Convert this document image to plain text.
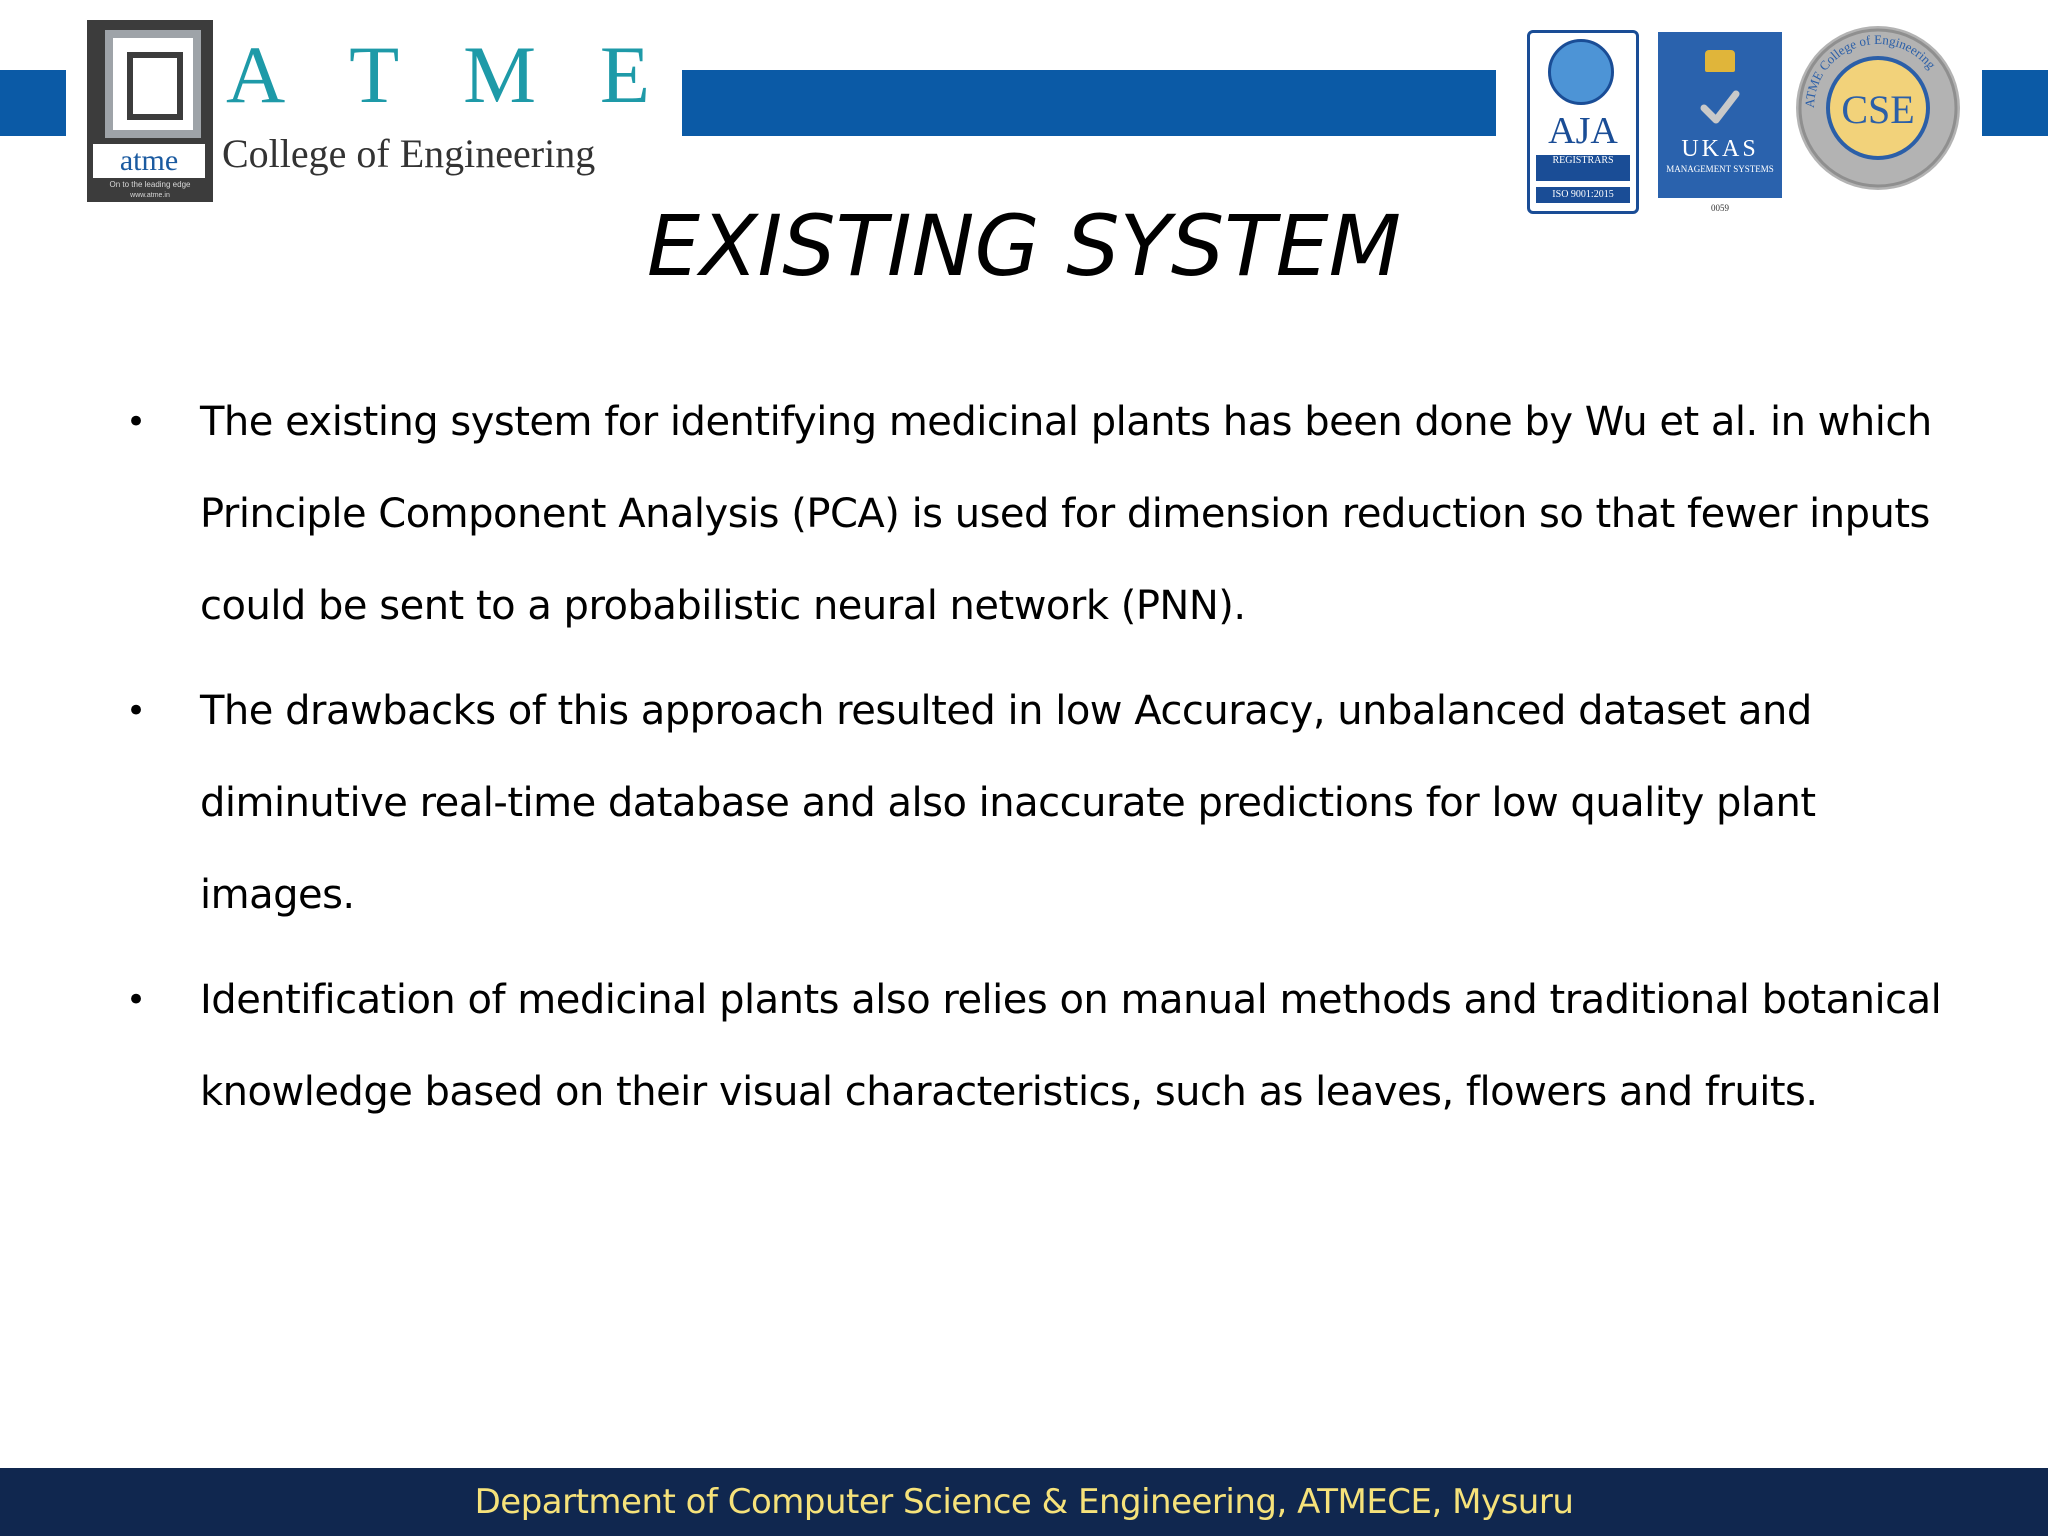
atme
On to the leading edge
www.atme.in
A T M E
College of Engineering	AJA
REGISTRARS
ISO 9001:2015
UKAS
MANAGEMENT SYSTEMS
0059
ATME College of Engineering
CSE
EXISTING SYSTEM
•	The existing system for identifying medicinal plants has been done by Wu et al. in which Principle Component Analysis (PCA) is used for dimension reduction so that fewer inputs could be sent to a probabilistic neural network (PNN).
•	The drawbacks of this approach resulted in low Accuracy, unbalanced dataset and diminutive real-time database and also inaccurate predictions for low quality plant images.
•	Identification of medicinal plants also relies on manual methods and traditional botanical knowledge based on their visual characteristics, such as leaves, flowers and fruits.
Department of Computer Science & Engineering, ATMECE, Mysuru
